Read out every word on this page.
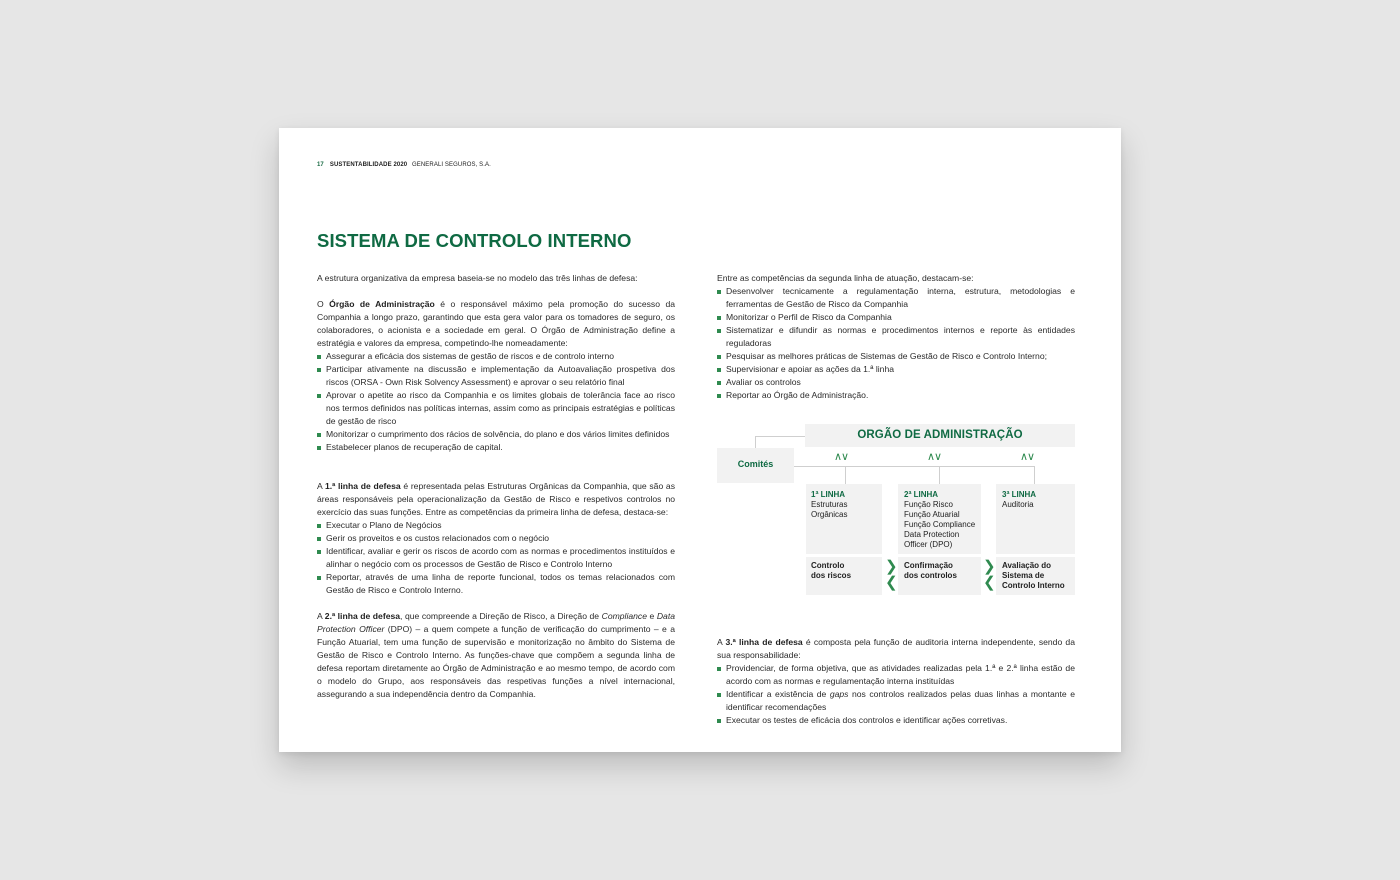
17 SUSTENTABILIDADE 2020 GENERALI SEGUROS, S.A.
SISTEMA DE CONTROLO INTERNO

A estrutura organizativa da empresa baseia-se no modelo das três linhas de defesa:

O Órgão de Administração é o responsável máximo pela promoção do sucesso da Companhia a longo prazo, garantindo que esta gera valor para os tomadores de seguro, os colaboradores, o acionista e a sociedade em geral. O Órgão de Administração define a estratégia e valores da empresa, competindo-lhe nomeadamente:

Assegurar a eficácia dos sistemas de gestão de riscos e de controlo interno
Participar ativamente na discussão e implementação da Autoavaliação prospetiva dos riscos (ORSA - Own Risk Solvency Assessment) e aprovar o seu relatório final
Aprovar o apetite ao risco da Companhia e os limites globais de tolerância face ao risco nos termos definidos nas políticas internas, assim como as principais estratégias e políticas de gestão de risco
Monitorizar o cumprimento dos rácios de solvência, do plano e dos vários limites definidos
Estabelecer planos de recuperação de capital.

A 1.ª linha de defesa é representada pelas Estruturas Orgânicas da Companhia, que são as áreas responsáveis pela operacionalização da Gestão de Risco e respetivos controlos no exercício das suas funções. Entre as competências da primeira linha de defesa, destaca-se:

Executar o Plano de Negócios
Gerir os proveitos e os custos relacionados com o negócio
Identificar, avaliar e gerir os riscos de acordo com as normas e procedimentos instituídos e alinhar o negócio com os processos de Gestão de Risco e Controlo Interno
Reportar, através de uma linha de reporte funcional, todos os temas relacionados com Gestão de Risco e Controlo Interno.

A 2.ª linha de defesa, que compreende a Direção de Risco, a Direção de Compliance e Data Protection Officer (DPO) – a quem compete a função de verificação do cumprimento – e a Função Atuarial, tem uma função de supervisão e monitorização no âmbito do Sistema de Gestão de Risco e Controlo Interno. As funções-chave que compõem a segunda linha de defesa reportam diretamente ao Órgão de Administração e ao mesmo tempo, de acordo com o modelo do Grupo, aos responsáveis das respetivas funções a nível internacional, assegurando a sua independência dentro da Companhia.

Entre as competências da segunda linha de atuação, destacam-se:

Desenvolver tecnicamente a regulamentação interna, estrutura, metodologias e ferramentas de Gestão de Risco da Companhia
Monitorizar o Perfil de Risco da Companhia
Sistematizar e difundir as normas e procedimentos internos e reporte às entidades reguladoras
Pesquisar as melhores práticas de Sistemas de Gestão de Risco e Controlo Interno;
Supervisionar e apoiar as ações da 1.ª linha
Avaliar os controlos
Reportar ao Órgão de Administração.
ORGÃO DE ADMINISTRAÇÃO
Comités
∧∨	∧∨	∧∨
1ª LINHA
Estruturas
Orgânicas
Controlo
dos riscos
2ª LINHA
Função Risco
Função Atuarial
Função Compliance
Data Protection
Officer (DPO)
Confirmação
dos controlos
3ª LINHA
Auditoria
Avaliação do
Sistema de
Controlo Interno
❯
❯
❯
❯

A 3.ª linha de defesa é composta pela função de auditoria interna independente, sendo da sua responsabilidade:

Providenciar, de forma objetiva, que as atividades realizadas pela 1.ª e 2.ª linha estão de acordo com as normas e regulamentação interna instituídas
Identificar a existência de gaps nos controlos realizados pelas duas linhas a montante e identificar recomendações
Executar os testes de eficácia dos controlos e identificar ações corretivas.
